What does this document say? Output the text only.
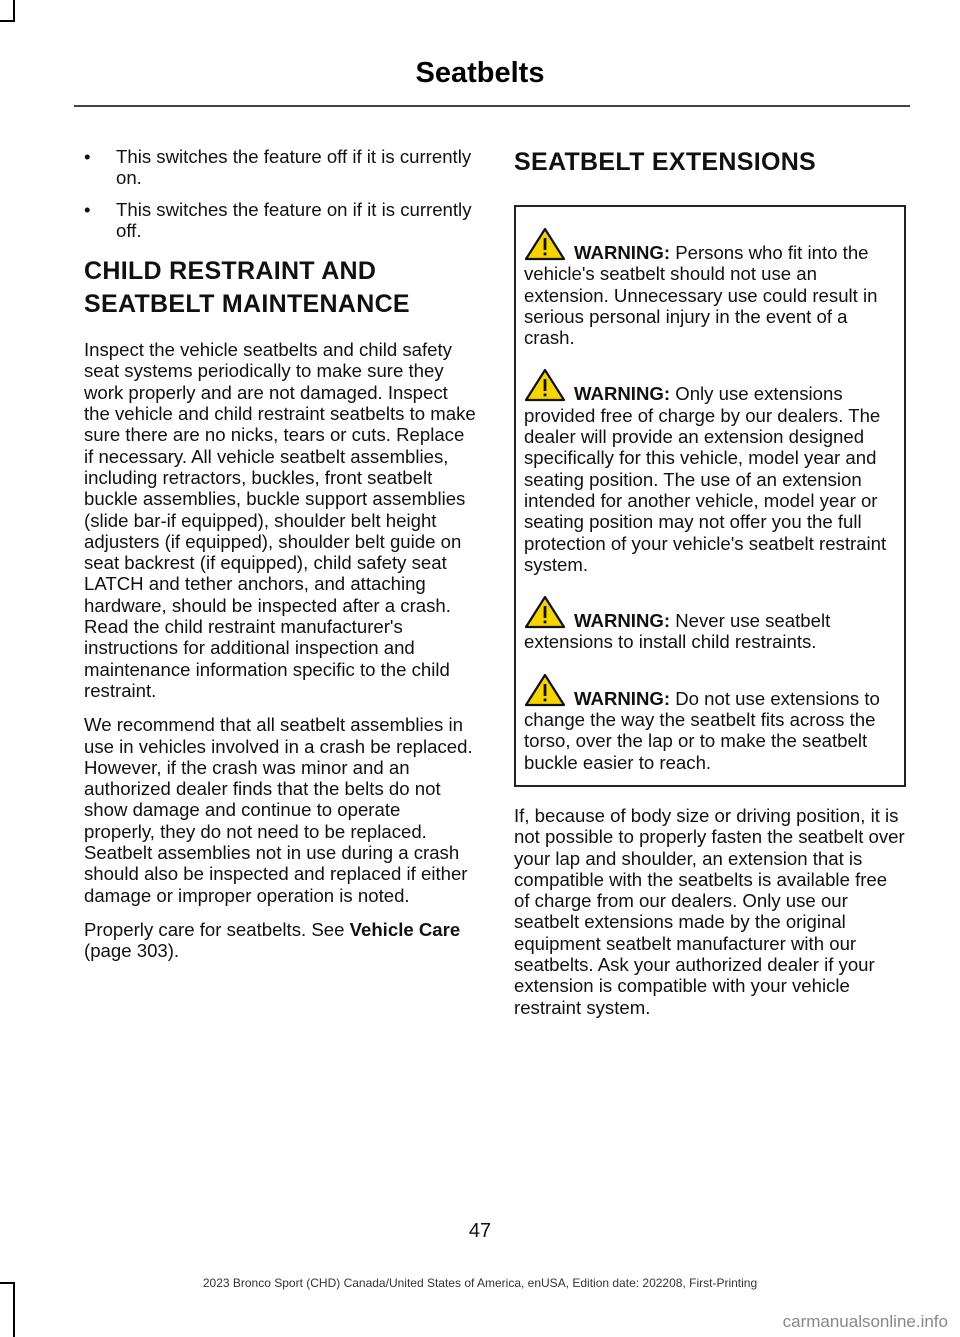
Seatbelts
• This switches the feature off if it is currently on.
• This switches the feature on if it is currently off.
CHILD RESTRAINT AND SEATBELT MAINTENANCE

Inspect the vehicle seatbelts and child safety seat systems periodically to make sure they work properly and are not damaged. Inspect the vehicle and child restraint seatbelts to make sure there are no nicks, tears or cuts. Replace if necessary. All vehicle seatbelt assemblies, including retractors, buckles, front seatbelt buckle assemblies, buckle support assemblies (slide bar-if equipped), shoulder belt height adjusters (if equipped), shoulder belt guide on seat backrest (if equipped), child safety seat LATCH and tether anchors, and attaching hardware, should be inspected after a crash. Read the child restraint manufacturer's instructions for additional inspection and maintenance information specific to the child restraint.

We recommend that all seatbelt assemblies in use in vehicles involved in a crash be replaced. However, if the crash was minor and an authorized dealer finds that the belts do not show damage and continue to operate properly, they do not need to be replaced. Seatbelt assemblies not in use during a crash should also be inspected and replaced if either damage or improper operation is noted.

Properly care for seatbelts. See Vehicle Care (page 303).

SEATBELT EXTENSIONS

WARNING: Persons who fit into the vehicle's seatbelt should not use an extension. Unnecessary use could result in serious personal injury in the event of a crash.

WARNING: Only use extensions provided free of charge by our dealers. The dealer will provide an extension designed specifically for this vehicle, model year and seating position. The use of an extension intended for another vehicle, model year or seating position may not offer you the full protection of your vehicle's seatbelt restraint system.

WARNING: Never use seatbelt extensions to install child restraints.

WARNING: Do not use extensions to change the way the seatbelt fits across the torso, over the lap or to make the seatbelt buckle easier to reach.

If, because of body size or driving position, it is not possible to properly fasten the seatbelt over your lap and shoulder, an extension that is compatible with the seatbelts is available free of charge from our dealers. Only use our seatbelt extensions made by the original equipment seatbelt manufacturer with our seatbelts. Ask your authorized dealer if your extension is compatible with your vehicle restraint system.

47
2023 Bronco Sport (CHD) Canada/United States of America, enUSA, Edition date: 202208, First-Printing
carmanualsonline.info
